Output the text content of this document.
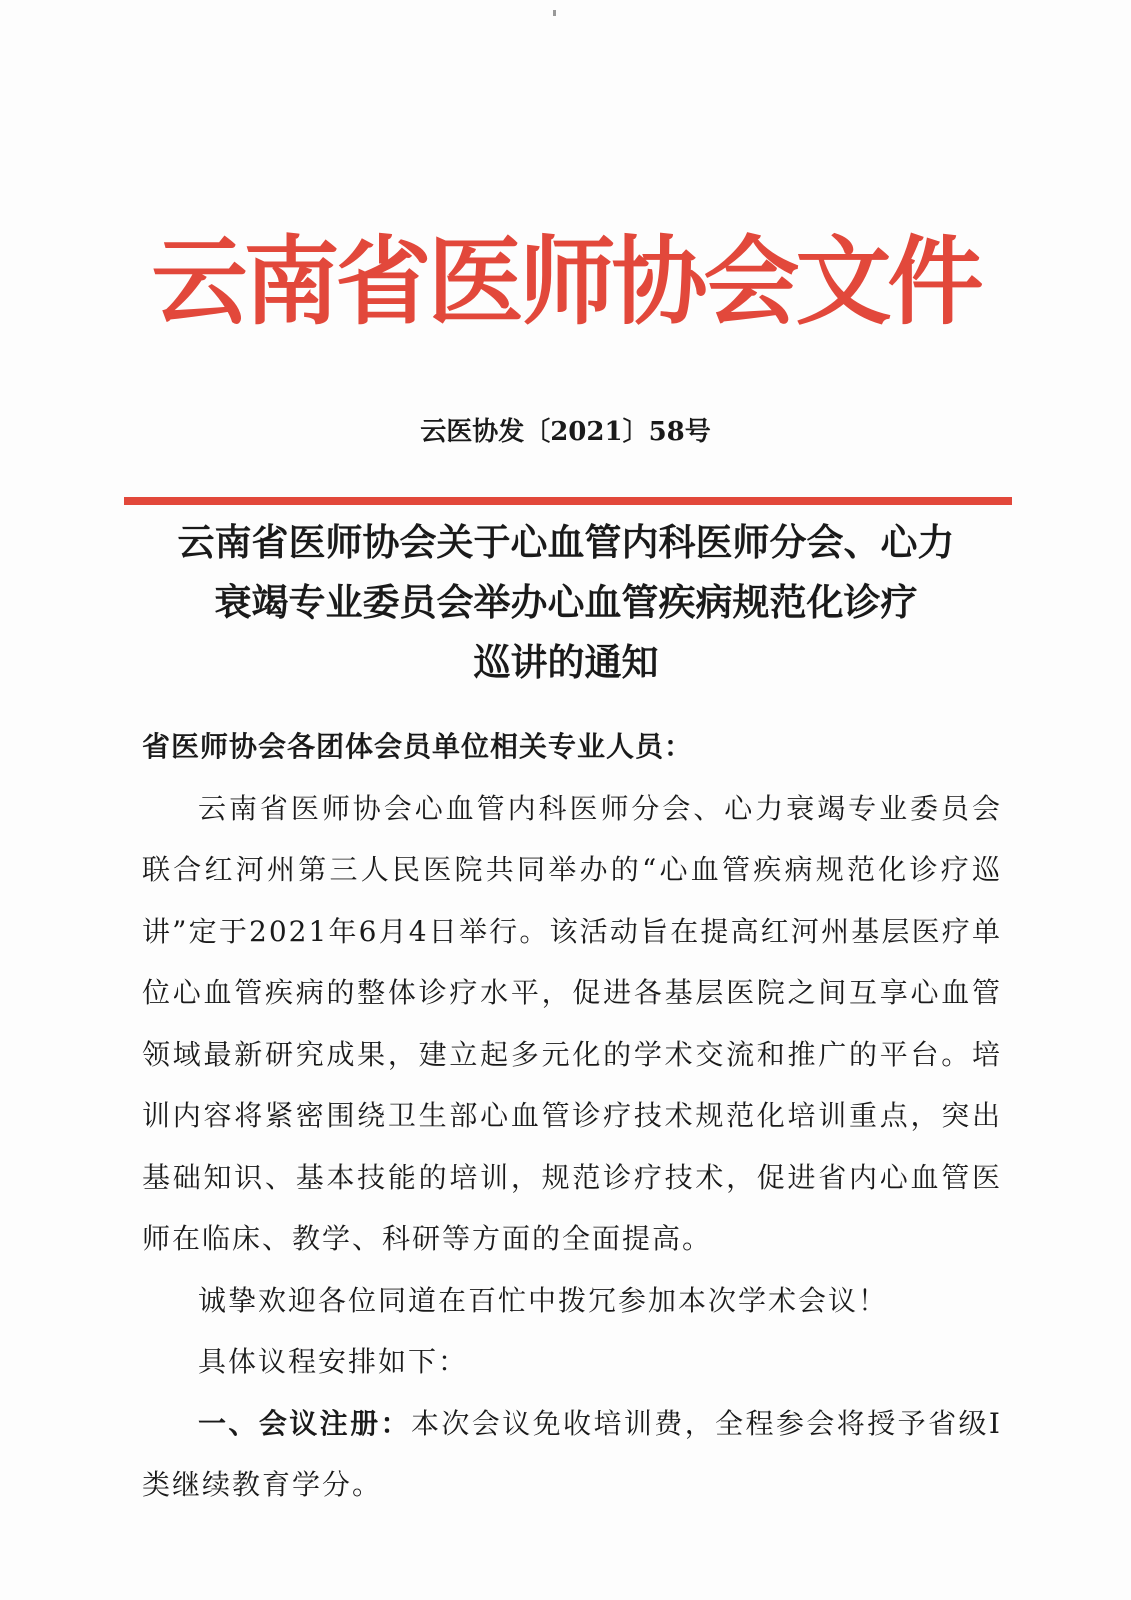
云南省医师协会文件
云医协发〔2021〕58号
云南省医师协会关于心血管内科医师分会、心力
衰竭专业委员会举办心血管疾病规范化诊疗
巡讲的通知

省医师协会各团体会员单位相关专业人员：

云南省医师协会心血管内科医师分会、心力衰竭专业委员会联合红河州第三人民医院共同举办的“心血管疾病规范化诊疗巡讲”定于2021年6月4日举行。该活动旨在提高红河州基层医疗单位心血管疾病的整体诊疗水平，促进各基层医院之间互享心血管领域最新研究成果，建立起多元化的学术交流和推广的平台。培训内容将紧密围绕卫生部心血管诊疗技术规范化培训重点，突出基础知识、基本技能的培训，规范诊疗技术，促进省内心血管医师在临床、教学、科研等方面的全面提高。

诚挚欢迎各位同道在百忙中拨冗参加本次学术会议！

具体议程安排如下：

一、会议注册：本次会议免收培训费，全程参会将授予省级Ⅰ类继续教育学分。
